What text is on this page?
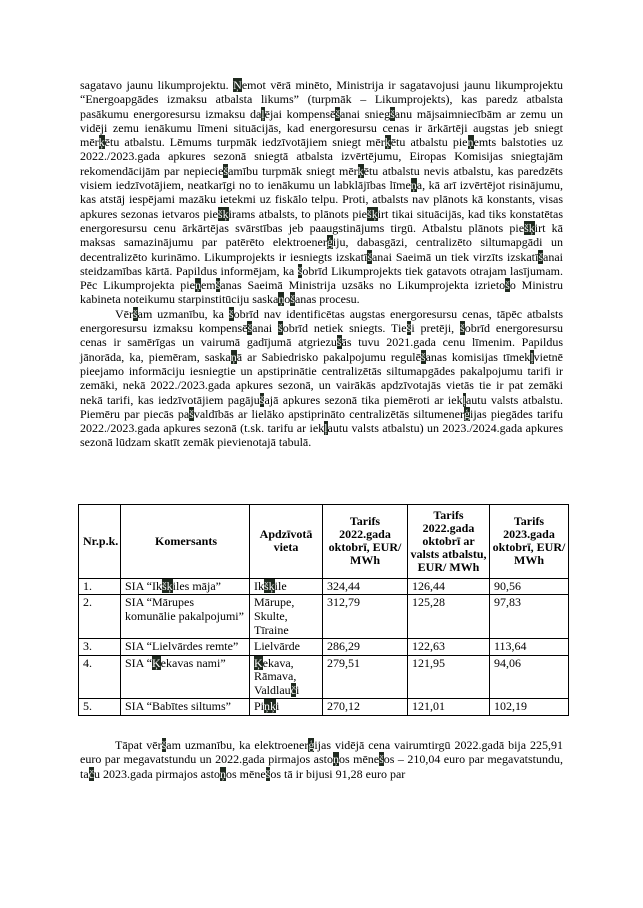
sagatavo jaunu likumprojektu. Ņemot vērā minēto, Ministrija ir sagatavojusi jaunu likumprojektu “Energoapgādes izmaksu atbalsta likums” (turpmāk – Likumprojekts), kas paredz atbalsta pasākumu energoresursu izmaksu daļējai kompensēšanai sniegšanu mājsaimniecībām ar zemu un vidēji zemu ienākumu līmeni situācijās, kad energoresursu cenas ir ārkārtēji augstas jeb sniegt mērķētu atbalstu. Lēmums turpmāk iedzīvotājiem sniegt mērķētu atbalstu pieņemts balstoties uz 2022./2023.gada apkures sezonā sniegtā atbalsta izvērtējumu, Eiropas Komisijas sniegtajām rekomendācijām par nepieciešamību turpmāk sniegt mērķētu atbalstu nevis atbalstu, kas paredzēts visiem iedzīvotājiem, neatkarīgi no to ienākumu un labklājības līmeņa, kā arī izvērtējot risinājumu, kas atstāj iespējami mazāku ietekmi uz fiskālo telpu. Proti, atbalsts nav plānots kā konstants, visas apkures sezonas ietvaros piešķirams atbalsts, to plānots piešķirt tikai situācijās, kad tiks konstatētas energoresursu cenu ārkārtējas svārstības jeb paaugstinājums tirgū. Atbalstu plānots piešķirt kā maksas samazinājumu par patērēto elektroenerģiju, dabasgāzi, centralizēto siltumapgādi un decentralizēto kurināmo. Likumprojekts ir iesniegts izskatīšanai Saeimā un tiek virzīts izskatīšanai steidzamības kārtā. Papildus informējam, ka šobrīd Likumprojekts tiek gatavots otrajam lasījumam. Pēc Likumprojekta pieņemšanas Saeimā Ministrija uzsāks no Likumprojekta izrietošo Ministru kabineta noteikumu starpinstitūciju saskaņošanas procesu.

Vēršam uzmanību, ka šobrīd nav identificētas augstas energoresursu cenas, tāpēc atbalsts energoresursu izmaksu kompensēšanai šobrīd netiek sniegts. Tieši pretēji, šobrīd energoresursu cenas ir samērīgas un vairumā gadījumā atgriezušās tuvu 2021.gada cenu līmenim. Papildus jānorāda, ka, piemēram, saskaņā ar Sabiedrisko pakalpojumu regulēšanas komisijas tīmekļvietnē pieejamo informāciju iesniegtie un apstiprinātie centralizētās siltumapgādes pakalpojumu tarifi ir zemāki, nekā 2022./2023.gada apkures sezonā, un vairākās apdzīvotajās vietās tie ir pat zemāki nekā tarifi, kas iedzīvotājiem pagājušajā apkures sezonā tika piemēroti ar iekļautu valsts atbalstu. Piemēru par piecās pašvaldībās ar lielāko apstiprināto centralizētās siltumenerģijas piegādes tarifu 2022./2023.gada apkures sezonā (t.sk. tarifu ar iekļautu valsts atbalstu) un 2023./2024.gada apkures sezonā lūdzam skatīt zemāk pievienotajā tabulā.

Nr.p.k.	Komersants	Apdzīvotā vieta	Tarifs 2022.gada oktobrī, EUR/ MWh	Tarifs 2022.gada oktobrī ar valsts atbalstu, EUR/ MWh	Tarifs 2023.gada oktobrī, EUR/ MWh
1.	SIA “Ikšķiles māja”	Ikšķile	324,44	126,44	90,56
2.	SIA “Mārupes komunālie pakalpojumi”	Mārupe, Skulte, Tīraine	312,79	125,28	97,83
3.	SIA “Lielvārdes remte”	Lielvārde	286,29	122,63	113,64
4.	SIA “Ķekavas nami”	Ķekava, Rāmava, Valdlauči	279,51	121,95	94,06
5.	SIA “Babītes siltums”	Piņķi	270,12	121,01	102,19

Tāpat vēršam uzmanību, ka elektroenerģijas vidējā cena vairumtirgū 2022.gadā bija 225,91 euro par megavatstundu un 2022.gada pirmajos astoņos mēnešos – 210,04 euro par megavatstundu, taču 2023.gada pirmajos astoņos mēnešos tā ir bijusi 91,28 euro par
